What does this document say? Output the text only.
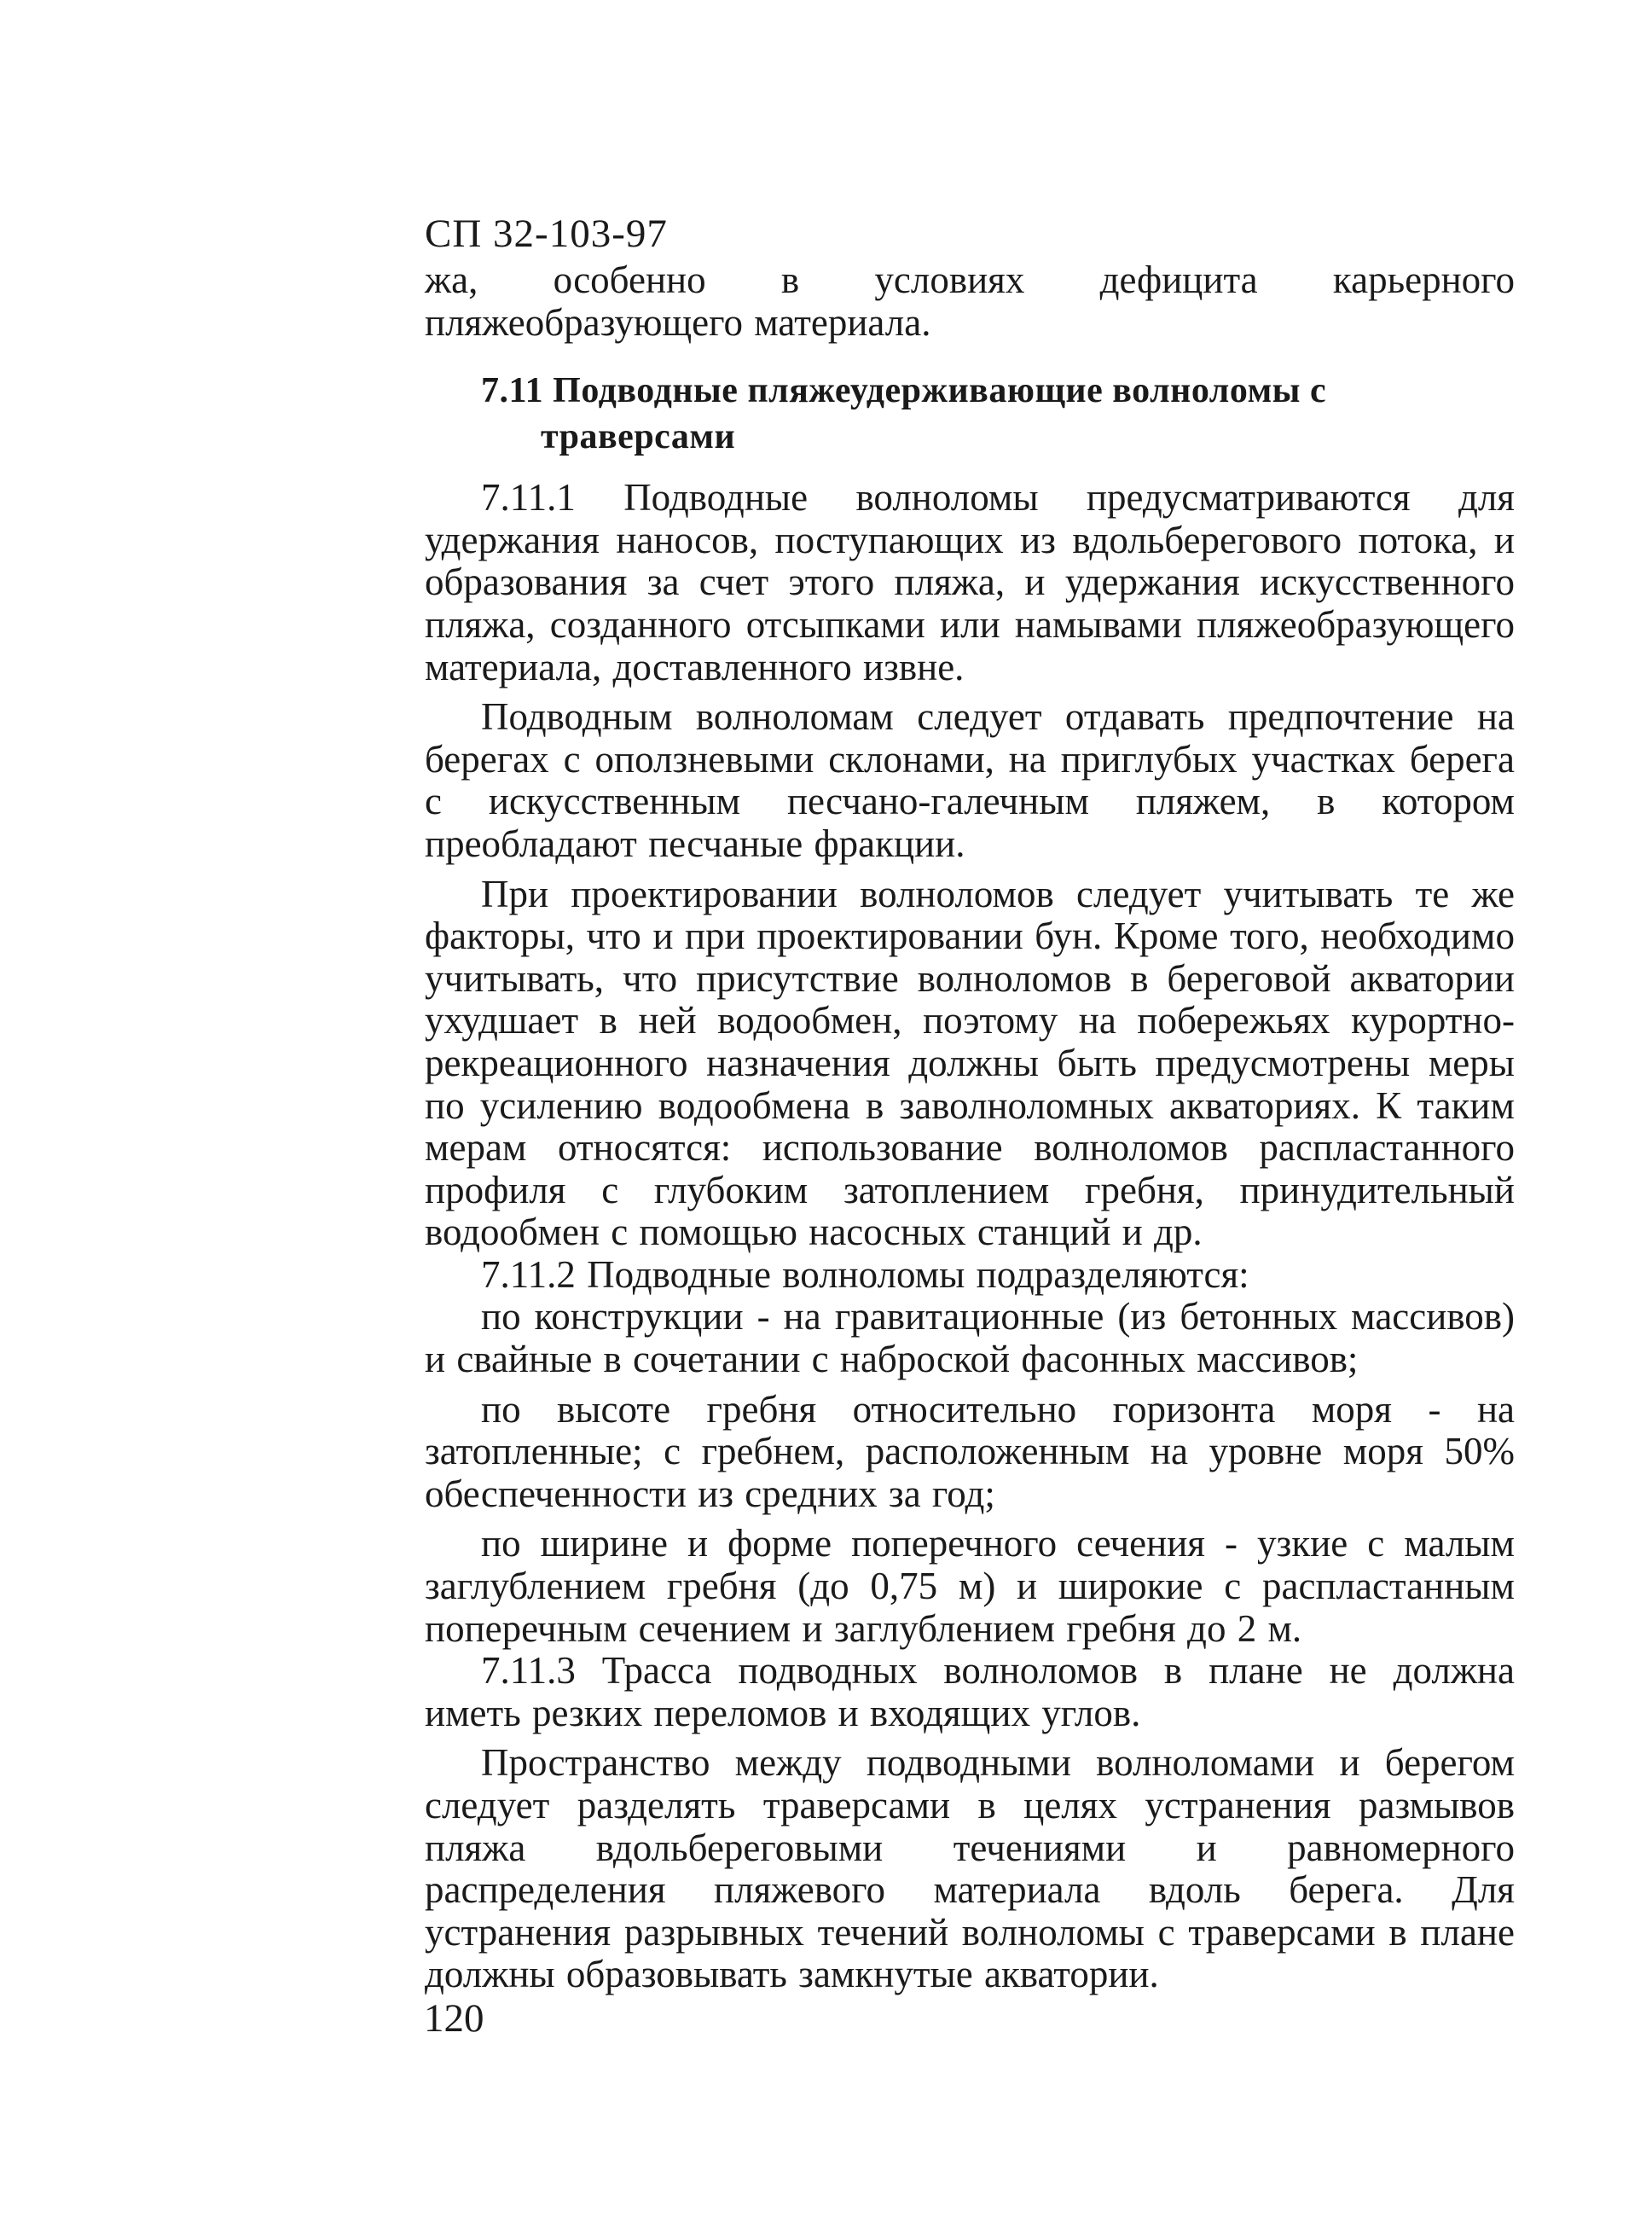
СП 32-103-97

жа, особенно в условиях дефицита карьерного пляжеобразующего материала.

7.11 Подводные пляжеудерживающие волноломы с траверсами

7.11.1 Подводные волноломы предусматриваются для удержания наносов, поступающих из вдольберегового потока, и образования за счет этого пляжа, и удержания искусственного пляжа, созданного отсыпками или намывами пляжеобразующего материала, доставленного извне.

Подводным волноломам следует отдавать предпочтение на берегах с оползневыми склонами, на приглубых участках берега с искусственным песчано-галечным пляжем, в котором преобладают песчаные фракции.

При проектировании волноломов следует учитывать те же факторы, что и при проектировании бун. Кроме того, необходимо учитывать, что присутствие волноломов в береговой акватории ухудшает в ней водообмен, поэтому на побережьях курортно-рекреационного назначения должны быть предусмотрены меры по усилению водообмена в заволноломных акваториях. К таким мерам относятся: использование волноломов распластанного профиля с глубоким затоплением гребня, принудительный водообмен с помощью насосных станций и др.

7.11.2 Подводные волноломы подразделяются:

по конструкции - на гравитационные (из бетонных массивов) и свайные в сочетании с наброской фасонных массивов;

по высоте гребня относительно горизонта моря - на затопленные; с гребнем, расположенным на уровне моря 50% обеспеченности из средних за год;

по ширине и форме поперечного сечения - узкие с малым заглублением гребня (до 0,75 м) и широкие с распластанным поперечным сечением и заглублением гребня до 2 м.

7.11.3 Трасса подводных волноломов в плане не должна иметь резких переломов и входящих углов.

Пространство между подводными волноломами и берегом следует разделять траверсами в целях устранения размывов пляжа вдольбереговыми течениями и равномерного распределения пляжевого материала вдоль берега. Для устранения разрывных течений волноломы с траверсами в плане должны образовывать замкнутые акватории.

120
